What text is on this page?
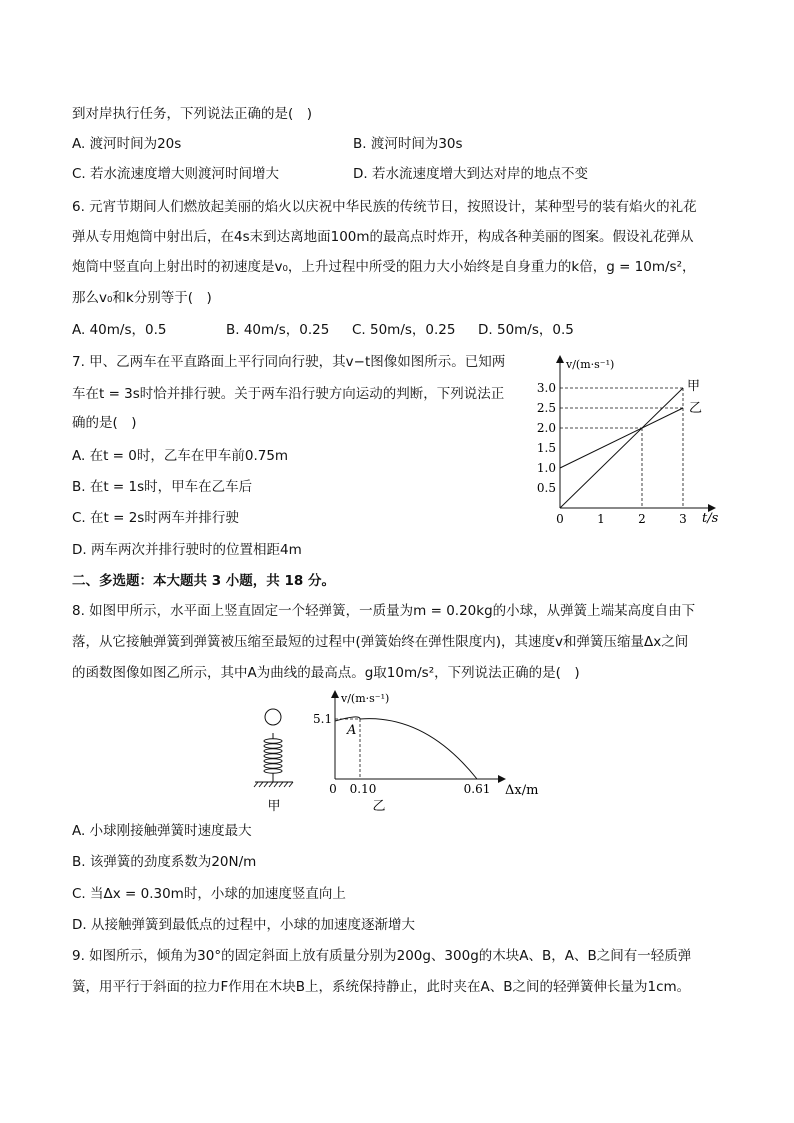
到对岸执行任务，下列说法正确的是(　)
A. 渡河时间为20s	B. 渡河时间为30s
C. 若水流速度增大则渡河时间增大	D. 若水流速度增大到达对岸的地点不变
6. 元宵节期间人们燃放起美丽的焰火以庆祝中华民族的传统节日，按照设计，某种型号的装有焰火的礼花
弹从专用炮筒中射出后，在4s末到达离地面100m的最高点时炸开，构成各种美丽的图案。假设礼花弹从
炮筒中竖直向上射出时的初速度是v₀，上升过程中所受的阻力大小始终是自身重力的k倍，g = 10m/s²，
那么v₀和k分别等于(　)
A. 40m/s，0.5	B. 40m/s，0.25 C. 50m/s，0.25 D. 50m/s，0.5
7. 甲、乙两车在平直路面上平行同向行驶，其v−t图像如图所示。已知两
车在t = 3s时恰并排行驶。关于两车沿行驶方向运动的判断，下列说法正
确的是(　)
A. 在t = 0时，乙车在甲车前0.75m
B. 在t = 1s时，甲车在乙车后
C. 在t = 2s时两车并排行驶
D. 两车两次并排行驶时的位置相距4m
v/(m·s⁻¹)
t/s
3.0
2.5
2.0
1.5
1.0
0.5
0	1	2	3
甲
乙
二、多选题：本大题共 3 小题，共 18 分。
8. 如图甲所示，水平面上竖直固定一个轻弹簧，一质量为m = 0.20kg的小球，从弹簧上端某高度自由下
落，从它接触弹簧到弹簧被压缩至最短的过程中(弹簧始终在弹性限度内)，其速度v和弹簧压缩量Δx之间
的函数图像如图乙所示，其中A为曲线的最高点。g取10m/s²，下列说法正确的是(　)
甲
v/(m·s⁻¹)
Δx/m
5.1
A
0 0.10	0.61
乙
A. 小球刚接触弹簧时速度最大
B. 该弹簧的劲度系数为20N/m
C. 当Δx = 0.30m时，小球的加速度竖直向上
D. 从接触弹簧到最低点的过程中，小球的加速度逐渐增大
9. 如图所示，倾角为30°的固定斜面上放有质量分别为200g、300g的木块A、B，A、B之间有一轻质弹
簧，用平行于斜面的拉力F作用在木块B上，系统保持静止，此时夹在A、B之间的轻弹簧伸长量为1cm。
